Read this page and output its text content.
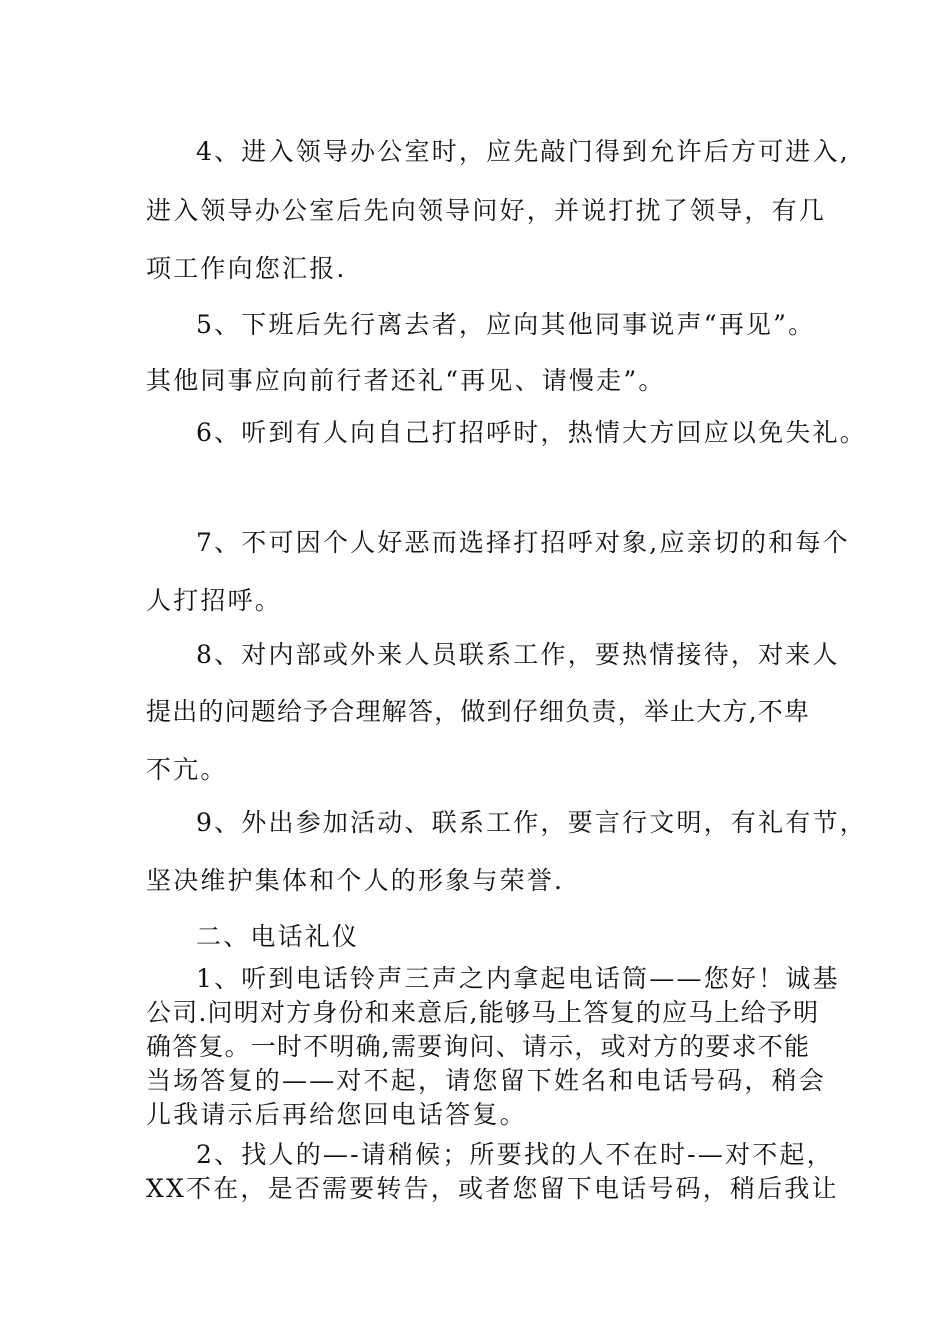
4、进入领导办公室时，应先敲门得到允许后方可进入,
进入领导办公室后先向领导问好，并说打扰了领导，有几
项工作向您汇报.
5、下班后先行离去者，应向其他同事说声“再见”。
其他同事应向前行者还礼“再见、请慢走”。
6、听到有人向自己打招呼时，热情大方回应以免失礼。
7、不可因个人好恶而选择打招呼对象,应亲切的和每个
人打招呼。
8、对内部或外来人员联系工作，要热情接待，对来人
提出的问题给予合理解答，做到仔细负责，举止大方,不卑
不亢。
9、外出参加活动、联系工作，要言行文明，有礼有节，
坚决维护集体和个人的形象与荣誉.
二、电话礼仪
1、听到电话铃声三声之内拿起电话筒——您好！诚基
公司.问明对方身份和来意后,能够马上答复的应马上给予明
确答复。一时不明确,需要询问、请示，或对方的要求不能
当场答复的——对不起，请您留下姓名和电话号码，稍会
儿我请示后再给您回电话答复。
2、找人的—-请稍候；所要找的人不在时-—对不起，
XX不在，是否需要转告，或者您留下电话号码，稍后我让
